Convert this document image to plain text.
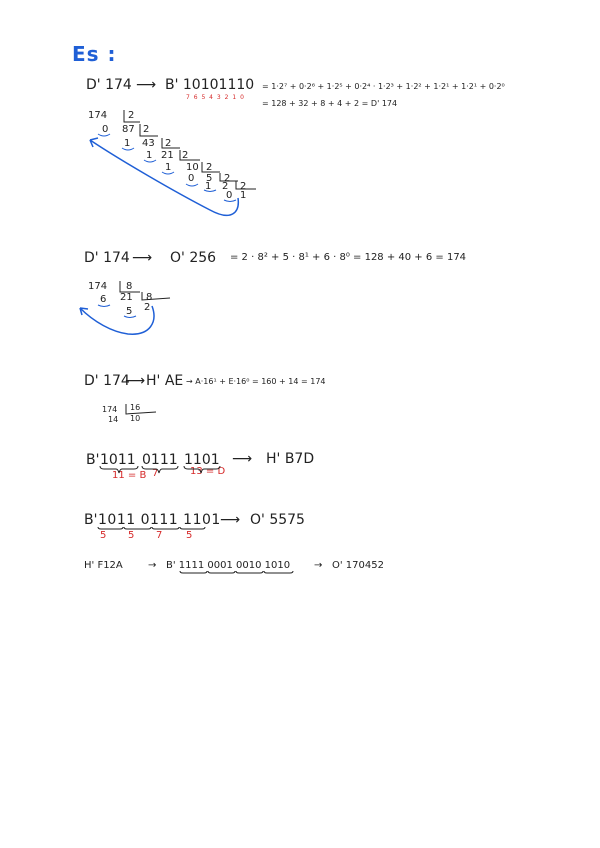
Es :
D' 174 ⟶ B' 10101110
7 6 5 4 3 2 1 0
= 1·2⁷ + 0·2⁶ + 1·2⁵ + 0·2⁴ · 1·2³ + 1·2² + 1·2¹ + 1·2¹ + 0·2⁰
= 128 + 32 + 8 + 4 + 2 = D' 174
174 2
0 87 2
1 43 2
1 21 2
1 10 2
0 5 2
1 2 2
0 1
D' 174 ⟶ O' 256 = 2 · 8² + 5 · 8¹ + 6 · 8⁰ = 128 + 40 + 6 = 174
174 8
6 21 8
5 2
D' 174
⟶ H' AE → A·16¹ + E·16⁰ = 160 + 14 = 174
174 16
14 10
B' 1011 0111 1101
11 = B 7	13 = D
⟶ H' B7D
B' 1011 0111 1101
5 5 7 5
⟶ O' 5575
H' F12A	→ B' 1111 0001 0010 1010 → O' 170452
